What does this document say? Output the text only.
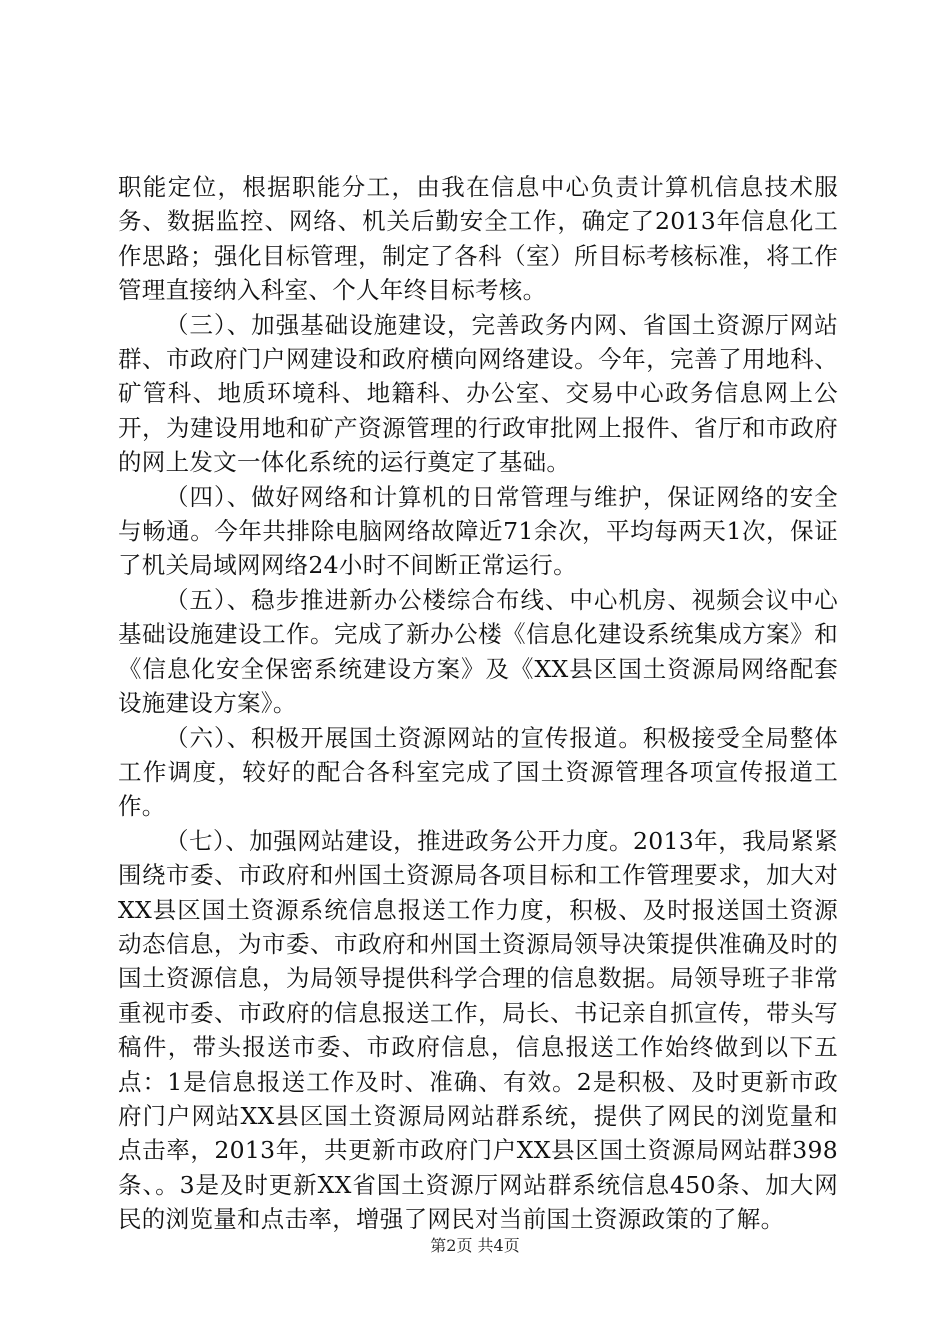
职能定位，根据职能分工，由我在信息中心负责计算机信息技术服务、数据监控、网络、机关后勤安全工作，确定了2013年信息化工作思路；强化目标管理，制定了各科（室）所目标考核标准，将工作管理直接纳入科室、个人年终目标考核。

（三）、加强基础设施建设，完善政务内网、省国土资源厅网站群、市政府门户网建设和政府横向网络建设。今年，完善了用地科、矿管科、地质环境科、地籍科、办公室、交易中心政务信息网上公开，为建设用地和矿产资源管理的行政审批网上报件、省厅和市政府的网上发文一体化系统的运行奠定了基础。

（四）、做好网络和计算机的日常管理与维护，保证网络的安全与畅通。今年共排除电脑网络故障近71余次，平均每两天1次，保证了机关局域网网络24小时不间断正常运行。

（五）、稳步推进新办公楼综合布线、中心机房、视频会议中心基础设施建设工作。完成了新办公楼《信息化建设系统集成方案》和《信息化安全保密系统建设方案》及《XX县区国土资源局网络配套设施建设方案》。

（六）、积极开展国土资源网站的宣传报道。积极接受全局整体工作调度，较好的配合各科室完成了国土资源管理各项宣传报道工作。

（七）、加强网站建设，推进政务公开力度。2013年，我局紧紧围绕市委、市政府和州国土资源局各项目标和工作管理要求，加大对XX县区国土资源系统信息报送工作力度，积极、及时报送国土资源动态信息，为市委、市政府和州国土资源局领导决策提供准确及时的国土资源信息，为局领导提供科学合理的信息数据。局领导班子非常重视市委、市政府的信息报送工作，局长、书记亲自抓宣传，带头写稿件，带头报送市委、市政府信息，信息报送工作始终做到以下五点：1是信息报送工作及时、准确、有效。2是积极、及时更新市政府门户网站XX县区国土资源局网站群系统，提供了网民的浏览量和点击率，2013年，共更新市政府门户XX县区国土资源局网站群398条、。3是及时更新XX省国土资源厅网站群系统信息450条、加大网民的浏览量和点击率，增强了网民对当前国土资源政策的了解。

第2页 共4页
